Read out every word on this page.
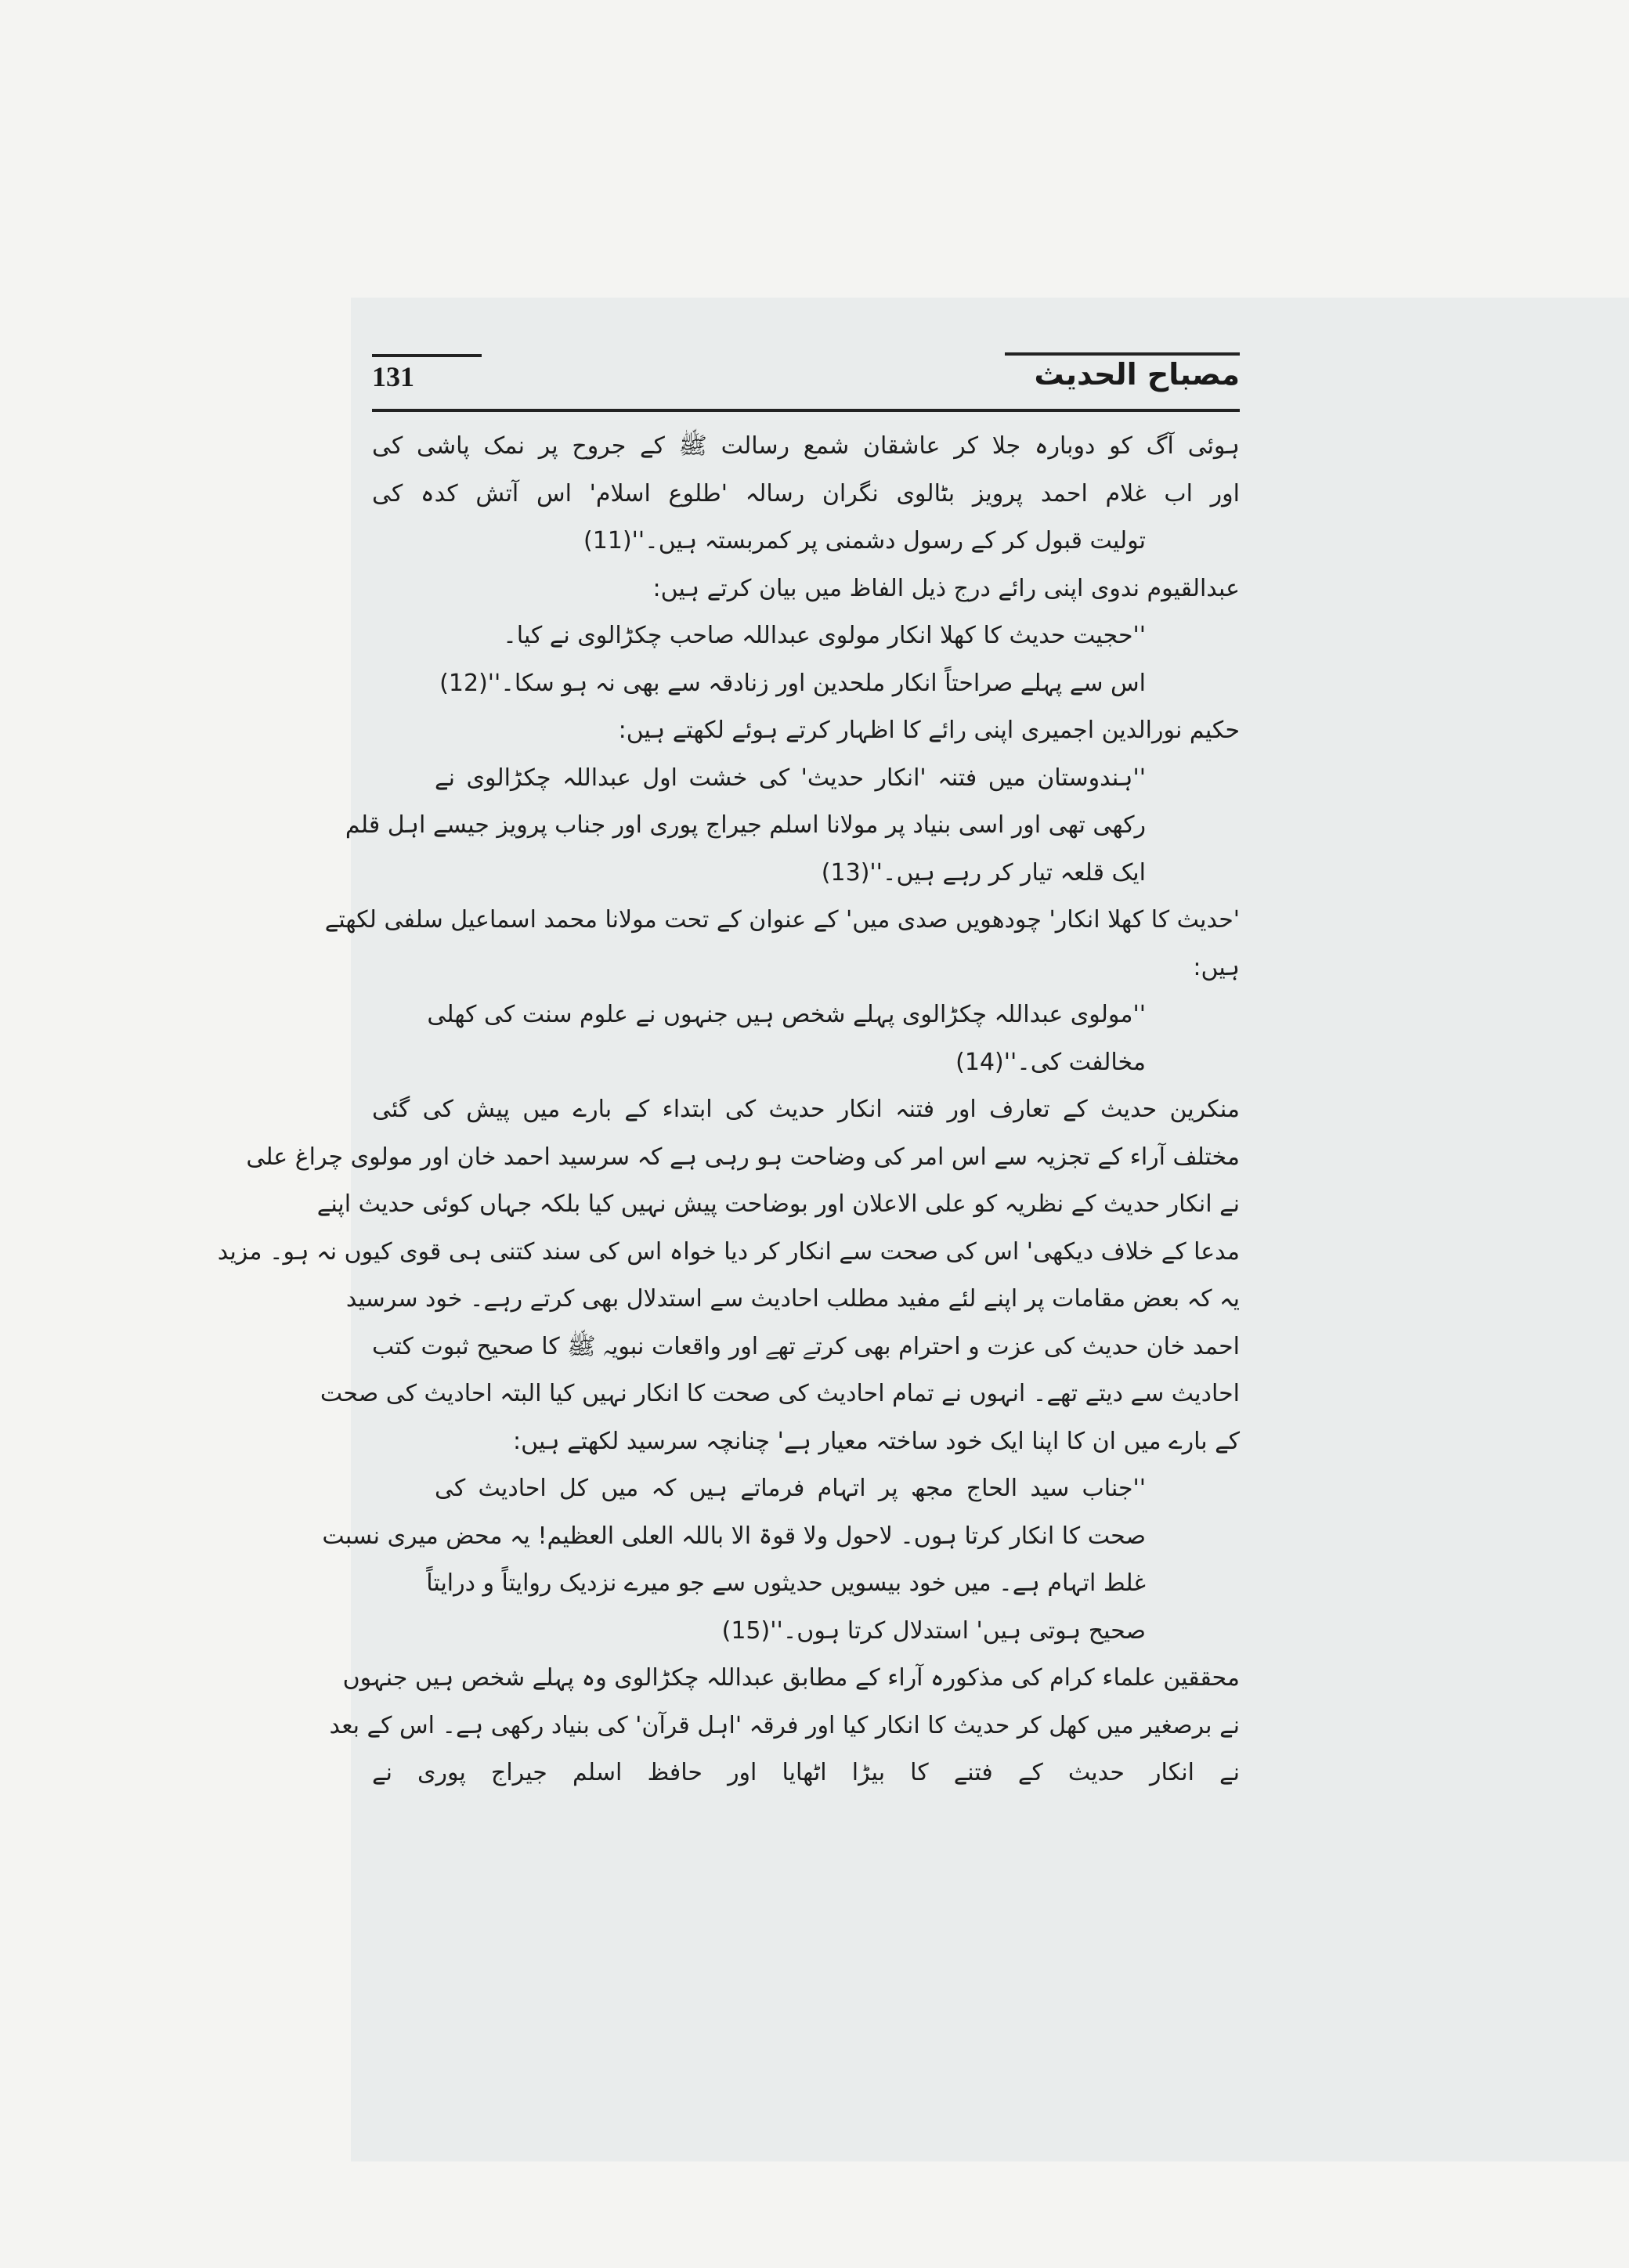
131	مصباح الحدیث
ہوئی آگ کو دوبارہ جلا کر عاشقان شمع رسالت ﷺ کے جروح پر نمک پاشی کی
اور اب غلام احمد پرویز بٹالوی نگران رسالہ 'طلوع اسلام' اس آتش کدہ کی
تولیت قبول کر کے رسول دشمنی پر کمربستہ ہیں۔''(11)
عبدالقیوم ندوی اپنی رائے درج ذیل الفاظ میں بیان کرتے ہیں:
''حجیت حدیث کا کھلا انکار مولوی عبداللہ صاحب چکڑالوی نے کیا۔
اس سے پہلے صراحتاً انکار ملحدین اور زنادقہ سے بھی نہ ہو سکا۔''(12)
حکیم نورالدین اجمیری اپنی رائے کا اظہار کرتے ہوئے لکھتے ہیں:
''ہندوستان میں فتنہ 'انکار حدیث' کی خشت اول عبداللہ چکڑالوی نے
رکھی تھی اور اسی بنیاد پر مولانا اسلم جیراج پوری اور جناب پرویز جیسے اہل قلم
ایک قلعہ تیار کر رہے ہیں۔''(13)
'حدیث کا کھلا انکار' چودھویں صدی میں' کے عنوان کے تحت مولانا محمد اسماعیل سلفی لکھتے
ہیں:
''مولوی عبداللہ چکڑالوی پہلے شخص ہیں جنہوں نے علوم سنت کی کھلی
مخالفت کی۔''(14)
منکرین حدیث کے تعارف اور فتنہ انکار حدیث کی ابتداء کے بارے میں پیش کی گئی
مختلف آراء کے تجزیہ سے اس امر کی وضاحت ہو رہی ہے کہ سرسید احمد خان اور مولوی چراغ علی
نے انکار حدیث کے نظریہ کو علی الاعلان اور بوضاحت پیش نہیں کیا بلکہ جہاں کوئی حدیث اپنے
مدعا کے خلاف دیکھی' اس کی صحت سے انکار کر دیا خواہ اس کی سند کتنی ہی قوی کیوں نہ ہو۔ مزید
یہ کہ بعض مقامات پر اپنے لئے مفید مطلب احادیث سے استدلال بھی کرتے رہے۔ خود سرسید
احمد خان حدیث کی عزت و احترام بھی کرتے تھے اور واقعات نبویہ ﷺ کا صحیح ثبوت کتب
احادیث سے دیتے تھے۔ انہوں نے تمام احادیث کی صحت کا انکار نہیں کیا البتہ احادیث کی صحت
کے بارے میں ان کا اپنا ایک خود ساختہ معیار ہے' چنانچہ سرسید لکھتے ہیں:
''جناب سید الحاج مجھ پر اتہام فرماتے ہیں کہ میں کل احادیث کی
صحت کا انکار کرتا ہوں۔ لاحول ولا قوۃ الا باللہ العلی العظیم! یہ محض میری نسبت
غلط اتہام ہے۔ میں خود بیسویں حدیثوں سے جو میرے نزدیک روایتاً و درایتاً
صحیح ہوتی ہیں' استدلال کرتا ہوں۔''(15)
محققین علماء کرام کی مذکورہ آراء کے مطابق عبداللہ چکڑالوی وہ پہلے شخص ہیں جنہوں
نے برصغیر میں کھل کر حدیث کا انکار کیا اور فرقہ 'اہل قرآن' کی بنیاد رکھی ہے۔ اس کے بعد
نے انکار حدیث کے فتنے کا بیڑا اٹھایا اور حافظ اسلم جیراج پوری نے
